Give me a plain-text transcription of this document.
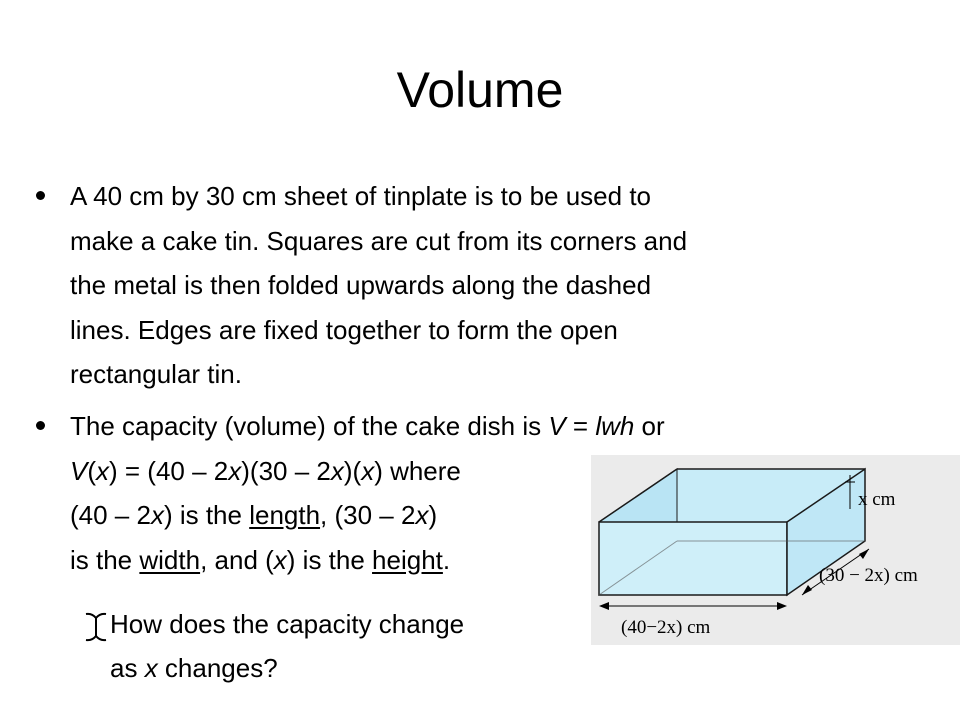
Volume
A 40 cm by 30 cm sheet of tinplate is to be used to
make a cake tin. Squares are cut from its corners and
the metal is then folded upwards along the dashed
lines. Edges are fixed together to form the open
rectangular tin.
The capacity (volume) of the cake dish is V = lwh or
V(x) = (40 – 2x)(30 – 2x)(x) where
(40 – 2x) is the length, (30 – 2x)
is the width, and (x) is the height.
How does the capacity change
as x changes?
x cm
(30 − 2x) cm
(40−2x) cm
